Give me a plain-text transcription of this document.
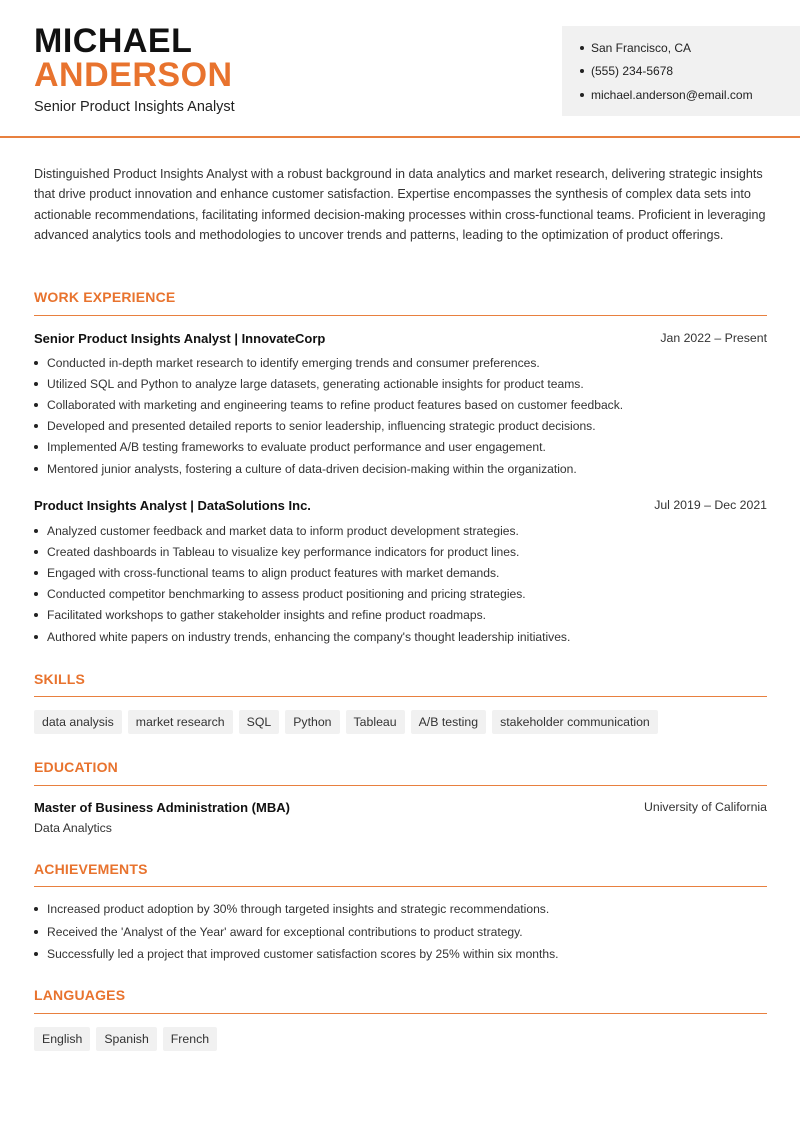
MICHAEL
ANDERSON
Senior Product Insights Analyst
San Francisco, CA
(555) 234-5678
michael.anderson@email.com

Distinguished Product Insights Analyst with a robust background in data analytics and market research, delivering strategic insights that drive product innovation and enhance customer satisfaction. Expertise encompasses the synthesis of complex data sets into actionable recommendations, facilitating informed decision-making processes within cross-functional teams. Proficient in leveraging advanced analytics tools and methodologies to uncover trends and patterns, leading to the optimization of product offerings.

WORK EXPERIENCE
Senior Product Insights Analyst | InnovateCorp	Jan 2022 – Present
Conducted in-depth market research to identify emerging trends and consumer preferences.
Utilized SQL and Python to analyze large datasets, generating actionable insights for product teams.
Collaborated with marketing and engineering teams to refine product features based on customer feedback.
Developed and presented detailed reports to senior leadership, influencing strategic product decisions.
Implemented A/B testing frameworks to evaluate product performance and user engagement.
Mentored junior analysts, fostering a culture of data-driven decision-making within the organization.
Product Insights Analyst | DataSolutions Inc.	Jul 2019 – Dec 2021
Analyzed customer feedback and market data to inform product development strategies.
Created dashboards in Tableau to visualize key performance indicators for product lines.
Engaged with cross-functional teams to align product features with market demands.
Conducted competitor benchmarking to assess product positioning and pricing strategies.
Facilitated workshops to gather stakeholder insights and refine product roadmaps.
Authored white papers on industry trends, enhancing the company's thought leadership initiatives.
SKILLS
data analysis	market research	SQL	Python	Tableau	A/B testing	stakeholder communication
EDUCATION
Master of Business Administration (MBA)	University of California
Data Analytics
ACHIEVEMENTS
Increased product adoption by 30% through targeted insights and strategic recommendations.
Received the 'Analyst of the Year' award for exceptional contributions to product strategy.
Successfully led a project that improved customer satisfaction scores by 25% within six months.
LANGUAGES
English	Spanish	French
